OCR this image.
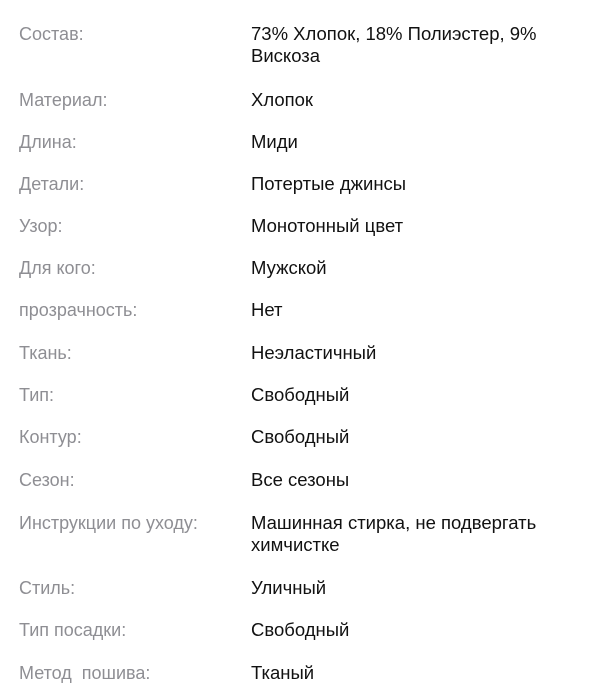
Состав:	73% Хлопок, 18% Полиэстер, 9% Вискоза
Материал:	Хлопок
Длина:	Миди
Детали:	Потертые джинсы
Узор:	Монотонный цвет
Для кого:	Мужской
прозрачность:	Нет
Ткань:	Неэластичный
Тип:	Свободный
Контур:	Свободный
Сезон:	Все сезоны
Инструкции по уходу:	Машинная стирка, не подвергать химчистке
Стиль:	Уличный
Тип посадки:	Свободный
Метод  пошива:	Тканый
